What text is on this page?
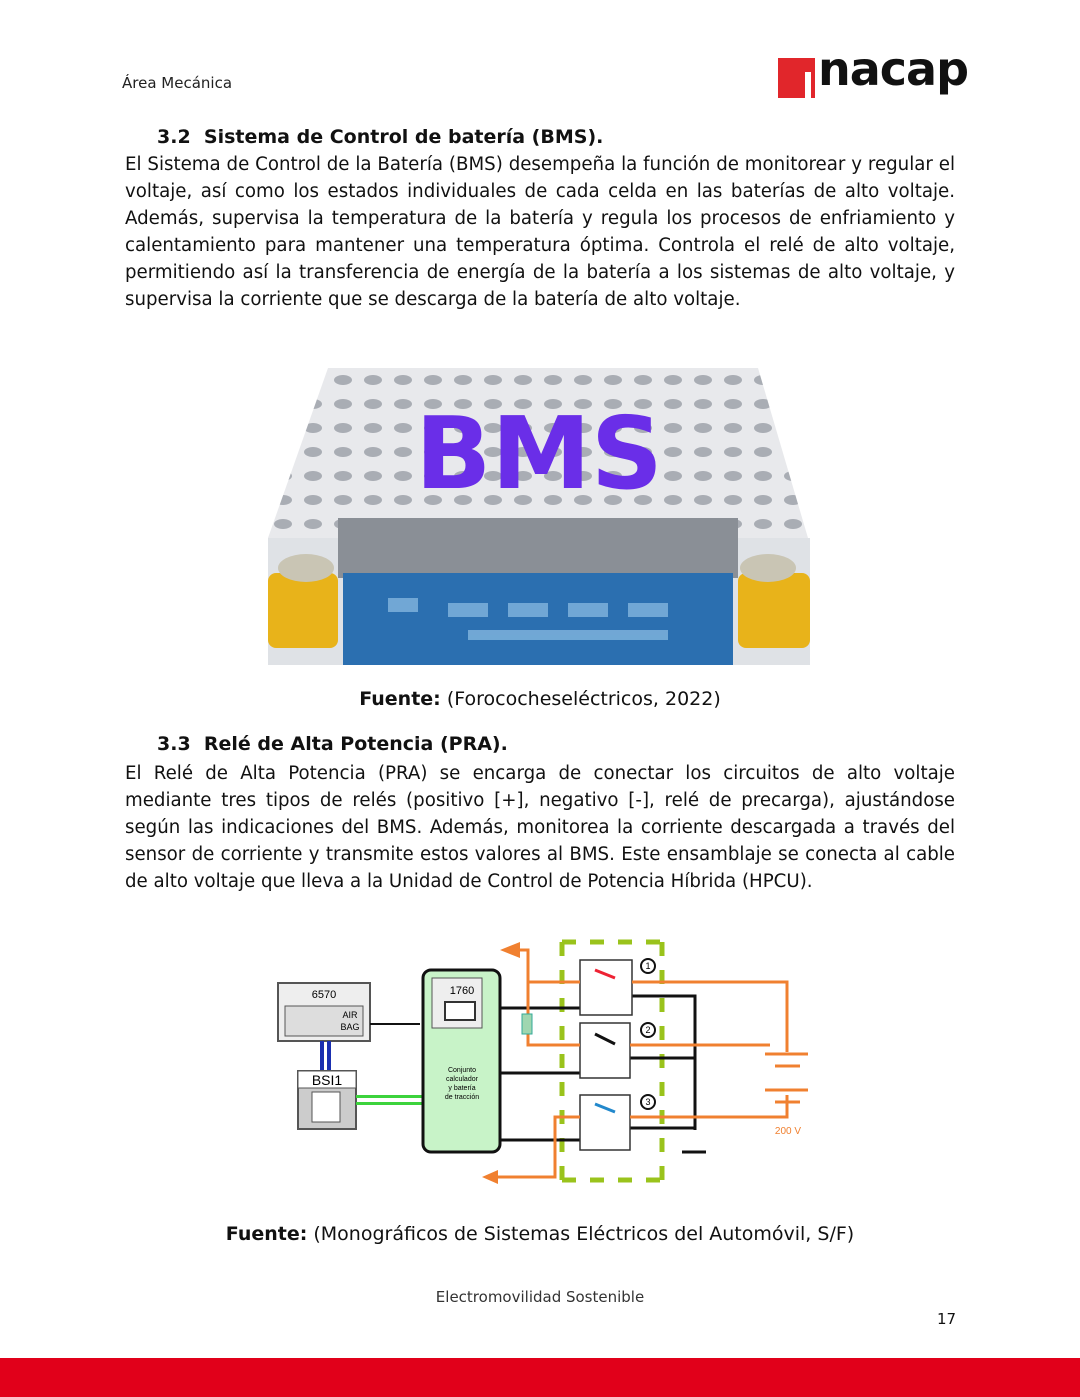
Área Mecánica	nacap
3.2 Sistema de Control de batería (BMS).
El Sistema de Control de la Batería (BMS) desempeña la función de monitorear y regular el voltaje, así como los estados individuales de cada celda en las baterías de alto voltaje. Además, supervisa la temperatura de la batería y regula los procesos de enfriamiento y calentamiento para mantener una temperatura óptima. Controla el relé de alto voltaje, permitiendo así la transferencia de energía de la batería a los sistemas de alto voltaje, y supervisa la corriente que se descarga de la batería de alto voltaje.
BMS
Fuente: (Forocochesеléctricos, 2022)
3.3 Relé de Alta Potencia (PRA).
El Relé de Alta Potencia (PRA) se encarga de conectar los circuitos de alto voltaje mediante tres tipos de relés (positivo [+], negativo [-], relé de precarga), ajustándose según las indicaciones del BMS. Además, monitorea la corriente descargada a través del sensor de corriente y transmite estos valores al BMS. Este ensamblaje se conecta al cable de alto voltaje que lleva a la Unidad de Control de Potencia Híbrida (HPCU).
6570
AIR
BAG
BSI1
1760
Conjunto
calculador
y batería
de tracción
1
2
3
200 V
Fuente: (Monográficos de Sistemas Eléctricos del Automóvil, S/F)
Electromovilidad Sostenible
17
